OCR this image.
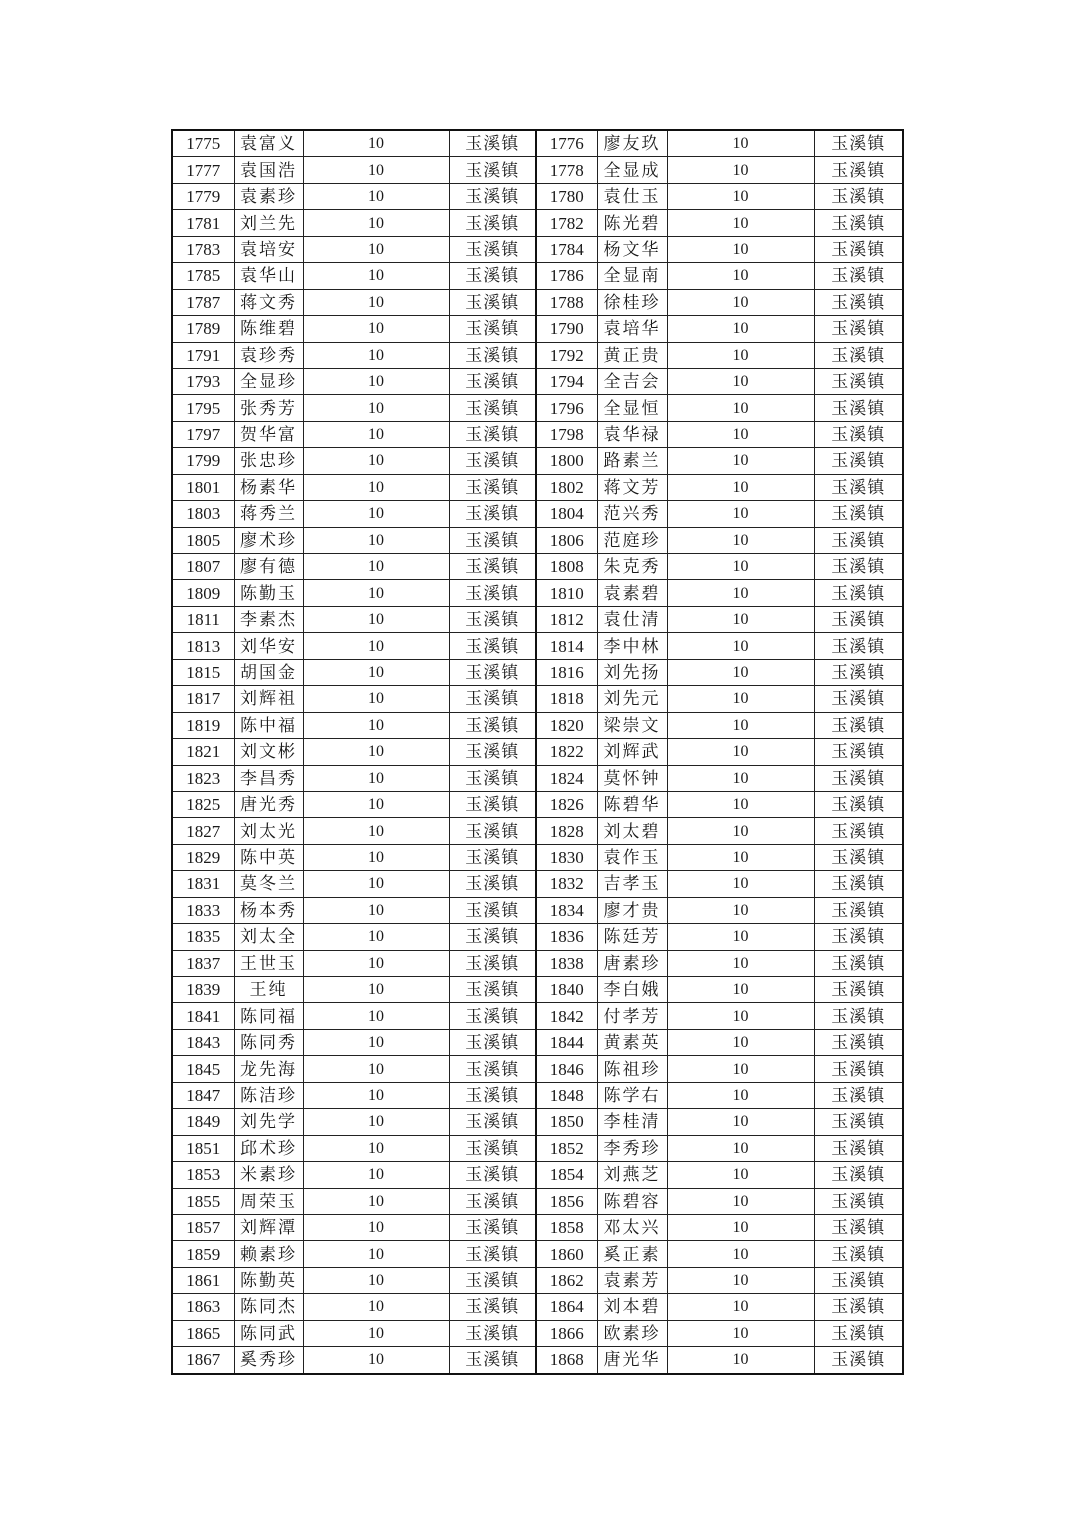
1775	袁富义	10	玉溪镇	1776	廖友玖	10	玉溪镇
1777	袁国浩	10	玉溪镇	1778	全显成	10	玉溪镇
1779	袁素珍	10	玉溪镇	1780	袁仕玉	10	玉溪镇
1781	刘兰先	10	玉溪镇	1782	陈光碧	10	玉溪镇
1783	袁培安	10	玉溪镇	1784	杨文华	10	玉溪镇
1785	袁华山	10	玉溪镇	1786	全显南	10	玉溪镇
1787	蒋文秀	10	玉溪镇	1788	徐桂珍	10	玉溪镇
1789	陈维碧	10	玉溪镇	1790	袁培华	10	玉溪镇
1791	袁珍秀	10	玉溪镇	1792	黄正贵	10	玉溪镇
1793	全显珍	10	玉溪镇	1794	全吉会	10	玉溪镇
1795	张秀芳	10	玉溪镇	1796	全显恒	10	玉溪镇
1797	贺华富	10	玉溪镇	1798	袁华禄	10	玉溪镇
1799	张忠珍	10	玉溪镇	1800	路素兰	10	玉溪镇
1801	杨素华	10	玉溪镇	1802	蒋文芳	10	玉溪镇
1803	蒋秀兰	10	玉溪镇	1804	范兴秀	10	玉溪镇
1805	廖术珍	10	玉溪镇	1806	范庭珍	10	玉溪镇
1807	廖有德	10	玉溪镇	1808	朱克秀	10	玉溪镇
1809	陈勤玉	10	玉溪镇	1810	袁素碧	10	玉溪镇
1811	李素杰	10	玉溪镇	1812	袁仕清	10	玉溪镇
1813	刘华安	10	玉溪镇	1814	李中林	10	玉溪镇
1815	胡国金	10	玉溪镇	1816	刘先扬	10	玉溪镇
1817	刘辉祖	10	玉溪镇	1818	刘先元	10	玉溪镇
1819	陈中福	10	玉溪镇	1820	梁崇文	10	玉溪镇
1821	刘文彬	10	玉溪镇	1822	刘辉武	10	玉溪镇
1823	李昌秀	10	玉溪镇	1824	莫怀钟	10	玉溪镇
1825	唐光秀	10	玉溪镇	1826	陈碧华	10	玉溪镇
1827	刘太光	10	玉溪镇	1828	刘太碧	10	玉溪镇
1829	陈中英	10	玉溪镇	1830	袁作玉	10	玉溪镇
1831	莫冬兰	10	玉溪镇	1832	吉孝玉	10	玉溪镇
1833	杨本秀	10	玉溪镇	1834	廖才贵	10	玉溪镇
1835	刘太全	10	玉溪镇	1836	陈廷芳	10	玉溪镇
1837	王世玉	10	玉溪镇	1838	唐素珍	10	玉溪镇
1839	王纯	10	玉溪镇	1840	李白娥	10	玉溪镇
1841	陈同福	10	玉溪镇	1842	付孝芳	10	玉溪镇
1843	陈同秀	10	玉溪镇	1844	黄素英	10	玉溪镇
1845	龙先海	10	玉溪镇	1846	陈祖珍	10	玉溪镇
1847	陈洁珍	10	玉溪镇	1848	陈学右	10	玉溪镇
1849	刘先学	10	玉溪镇	1850	李桂清	10	玉溪镇
1851	邱术珍	10	玉溪镇	1852	李秀珍	10	玉溪镇
1853	米素珍	10	玉溪镇	1854	刘燕芝	10	玉溪镇
1855	周荣玉	10	玉溪镇	1856	陈碧容	10	玉溪镇
1857	刘辉潭	10	玉溪镇	1858	邓太兴	10	玉溪镇
1859	赖素珍	10	玉溪镇	1860	奚正素	10	玉溪镇
1861	陈勤英	10	玉溪镇	1862	袁素芳	10	玉溪镇
1863	陈同杰	10	玉溪镇	1864	刘本碧	10	玉溪镇
1865	陈同武	10	玉溪镇	1866	欧素珍	10	玉溪镇
1867	奚秀珍	10	玉溪镇	1868	唐光华	10	玉溪镇
